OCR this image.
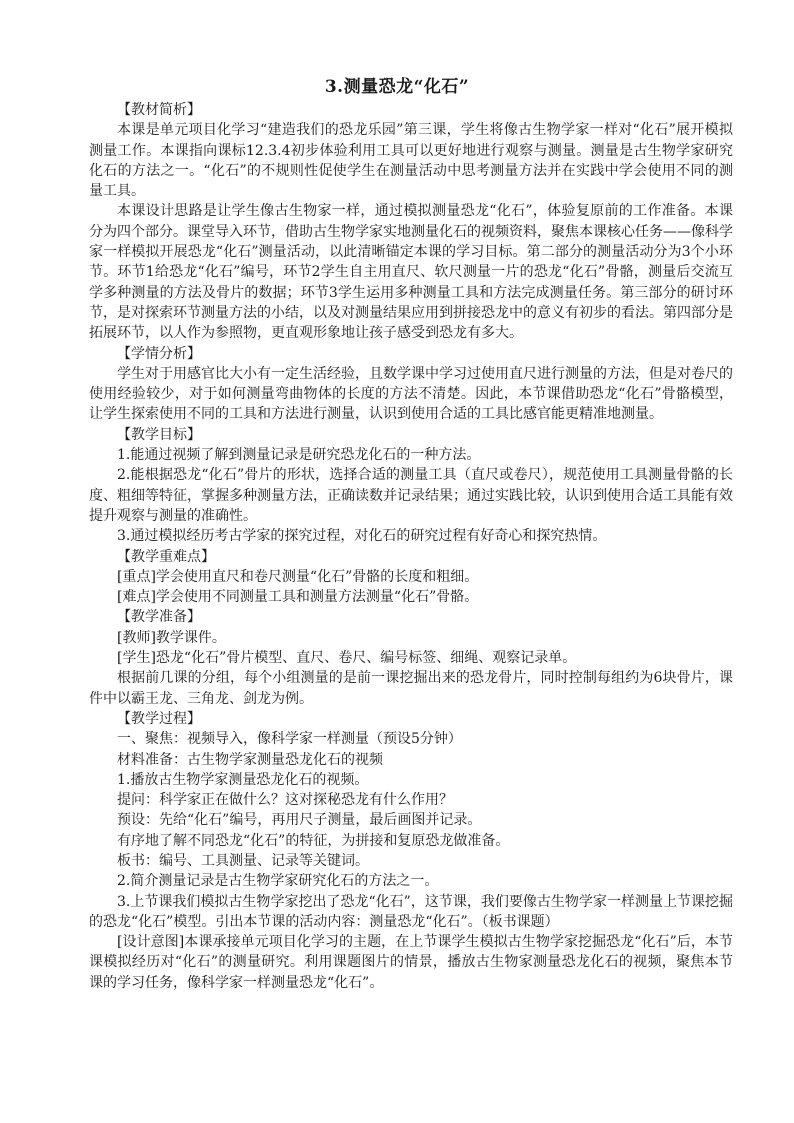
3.测量恐龙“化石”

【教材简析】

本课是单元项目化学习“建造我们的恐龙乐园”第三课，学生将像古生物学家一样对“化石”展开模拟测量工作。本课指向课标12.3.4初步体验利用工具可以更好地进行观察与测量。测量是古生物学家研究化石的方法之一。“化石”的不规则性促使学生在测量活动中思考测量方法并在实践中学会使用不同的测量工具。

本课设计思路是让学生像古生物家一样，通过模拟测量恐龙“化石”，体验复原前的工作准备。本课分为四个部分。课堂导入环节，借助古生物学家实地测量化石的视频资料，聚焦本课核心任务——像科学家一样模拟开展恐龙“化石”测量活动，以此清晰锚定本课的学习目标。第二部分的测量活动分为3个小环节。环节1给恐龙“化石”编号，环节2学生自主用直尺、软尺测量一片的恐龙“化石”骨骼，测量后交流互学多种测量的方法及骨片的数据；环节3学生运用多种测量工具和方法完成测量任务。第三部分的研讨环节，是对探索环节测量方法的小结，以及对测量结果应用到拼接恐龙中的意义有初步的看法。第四部分是拓展环节，以人作为参照物，更直观形象地让孩子感受到恐龙有多大。

【学情分析】

学生对于用感官比大小有一定生活经验，且数学课中学习过使用直尺进行测量的方法，但是对卷尺的使用经验较少，对于如何测量弯曲物体的长度的方法不清楚。因此，本节课借助恐龙“化石”骨骼模型，让学生探索使用不同的工具和方法进行测量，认识到使用合适的工具比感官能更精准地测量。

【教学目标】

1.能通过视频了解到测量记录是研究恐龙化石的一种方法。

2.能根据恐龙“化石”骨片的形状，选择合适的测量工具（直尺或卷尺），规范使用工具测量骨骼的长度、粗细等特征，掌握多种测量方法，正确读数并记录结果；通过实践比较，认识到使用合适工具能有效提升观察与测量的准确性。

3.通过模拟经历考古学家的探究过程，对化石的研究过程有好奇心和探究热情。

【教学重难点】

[重点]学会使用直尺和卷尺测量“化石”骨骼的长度和粗细。

[难点]学会使用不同测量工具和测量方法测量“化石”骨骼。

【教学准备】

[教师]教学课件。

[学生]恐龙“化石”骨片模型、直尺、卷尺、编号标签、细绳、观察记录单。

根据前几课的分组，每个小组测量的是前一课挖掘出来的恐龙骨片，同时控制每组约为6块骨片，课件中以霸王龙、三角龙、剑龙为例。

【教学过程】

一、聚焦：视频导入，像科学家一样测量（预设5分钟）

材料准备：古生物学家测量恐龙化石的视频

1.播放古生物学家测量恐龙化石的视频。

提问：科学家正在做什么？这对探秘恐龙有什么作用？

预设：先给“化石”编号，再用尺子测量，最后画图并记录。

有序地了解不同恐龙“化石”的特征，为拼接和复原恐龙做准备。

板书：编号、工具测量、记录等关键词。

2.简介测量记录是古生物学家研究化石的方法之一。

3.上节课我们模拟古生物学家挖出了恐龙“化石”，这节课，我们要像古生物学家一样测量上节课挖掘的恐龙“化石”模型。引出本节课的活动内容：测量恐龙“化石”。（板书课题）

[设计意图]本课承接单元项目化学习的主题，在上节课学生模拟古生物学家挖掘恐龙“化石”后，本节课模拟经历对“化石”的测量研究。利用课题图片的情景，播放古生物家测量恐龙化石的视频，聚焦本节课的学习任务，像科学家一样测量恐龙“化石”。
